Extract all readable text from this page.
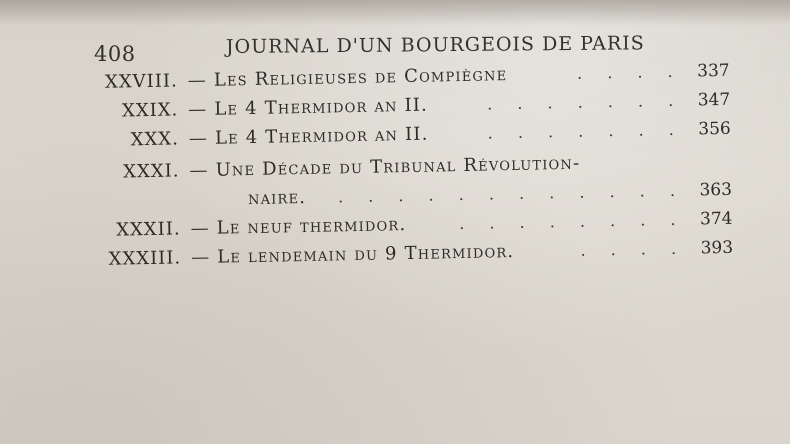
408	JOURNAL D'UN BOURGEOIS DE PARIS
XXVIII. — Les Religieuses de Compiègne . . .	337
XXIX. — Le 4 Thermidor an II. . . .	347
XXX. — Le 4 Thermidor an II. . . .	356
XXXI. — Une Décade du Tribunal Révolution-
naire. . . .	363
XXXII. — Le neuf thermidor. . . .	374
XXXIII. — Le lendemain du 9 Thermidor. . . .	393
